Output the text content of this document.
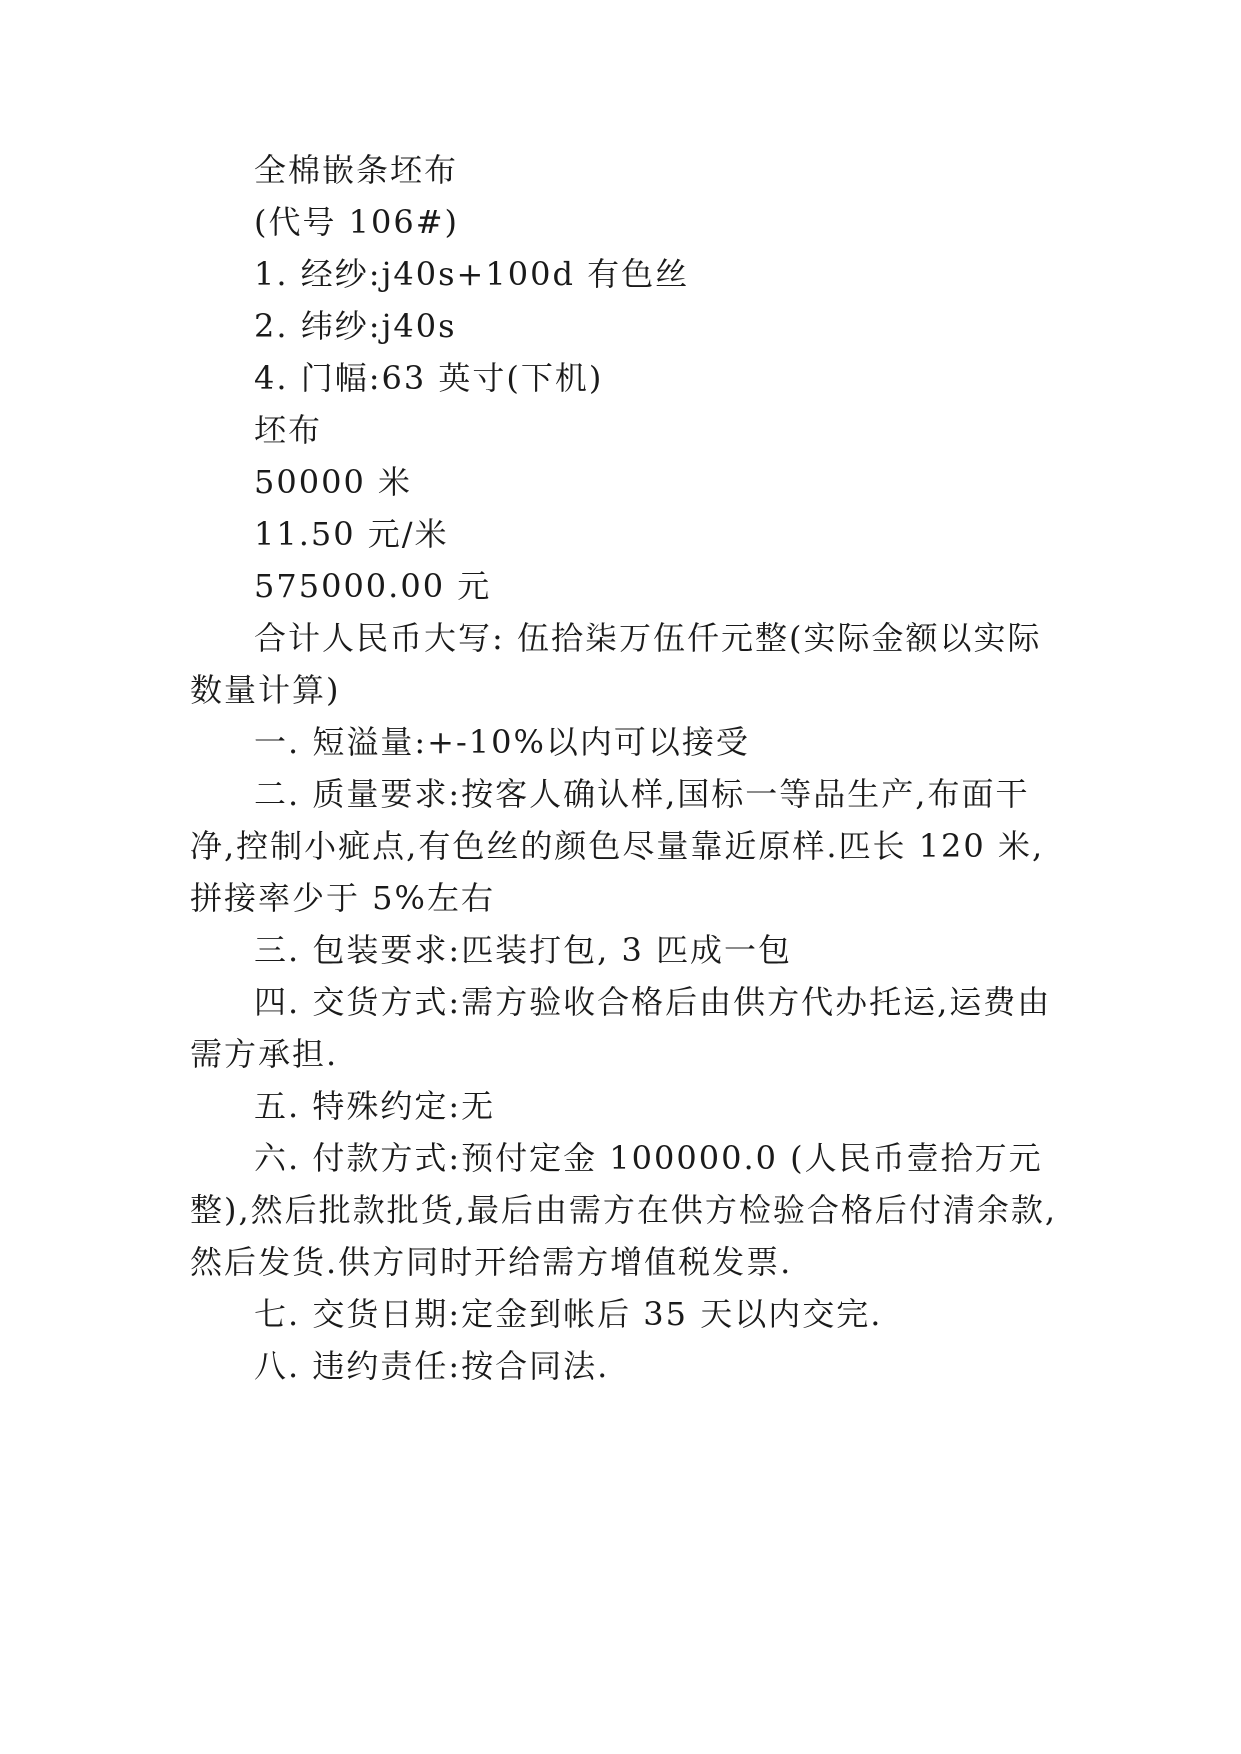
全棉嵌条坯布
(代号 106#)
1. 经纱:j40s+100d 有色丝
2. 纬纱:j40s
4. 门幅:63 英寸(下机)
坯布
50000 米
11.50 元/米
575000.00 元
合计人民币大写: 伍拾柒万伍仟元整(实际金额以实际
数量计算)
一. 短溢量:+-10%以内可以接受
二. 质量要求:按客人确认样,国标一等品生产,布面干
净,控制小疵点,有色丝的颜色尽量靠近原样.匹长 120 米,
拼接率少于 5%左右
三. 包装要求:匹装打包, 3 匹成一包
四. 交货方式:需方验收合格后由供方代办托运,运费由
需方承担.
五. 特殊约定:无
六. 付款方式:预付定金 100000.0 (人民币壹拾万元
整),然后批款批货,最后由需方在供方检验合格后付清余款,
然后发货.供方同时开给需方增值税发票.
七. 交货日期:定金到帐后 35 天以内交完.
八. 违约责任:按合同法.
